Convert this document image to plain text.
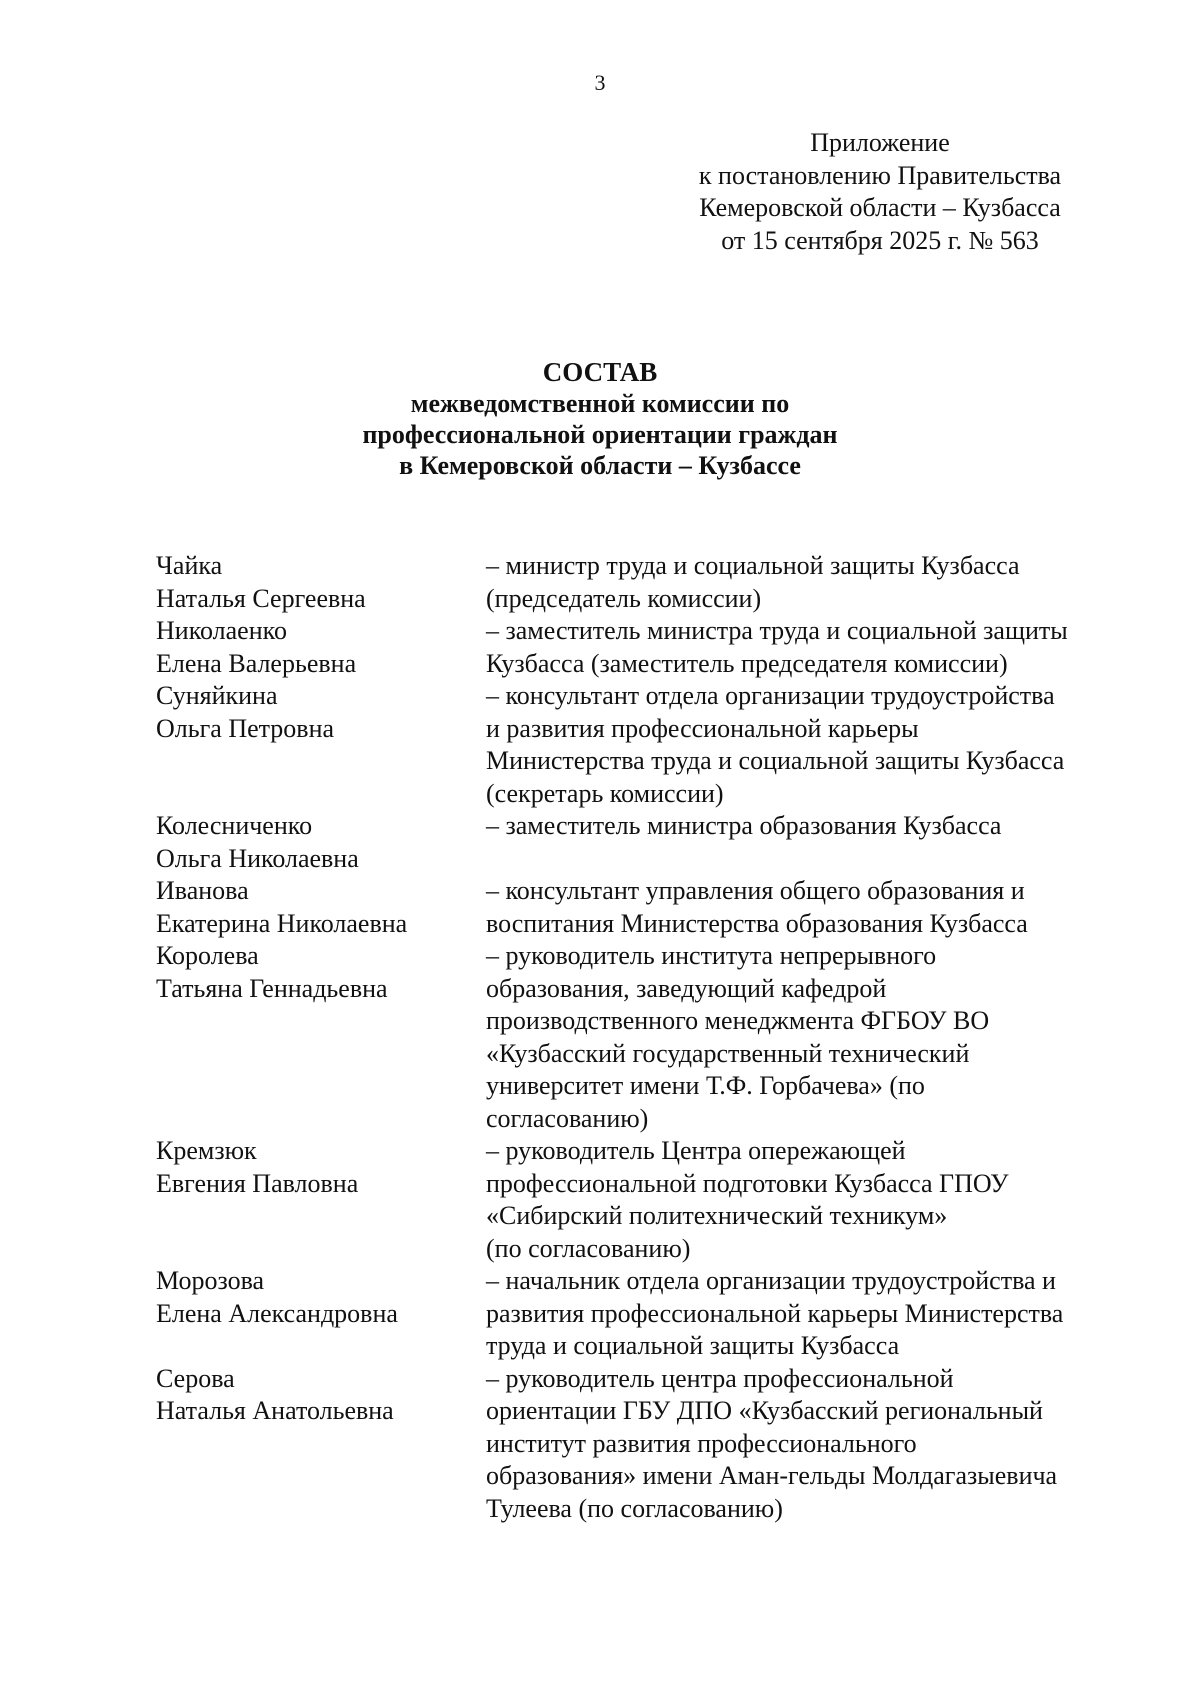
3
Приложение
к постановлению Правительства
Кемеровской области – Кузбасса
от 15 сентября 2025 г. № 563
СОСТАВ
межведомственной комиссии по
профессиональной ориентации граждан
в Кемеровской области – Кузбассе
Чайка
Наталья Сергеевна
– министр труда и социальной защиты Кузбасса
(председатель комиссии)
Николаенко
Елена Валерьевна
– заместитель министра труда и социальной защиты
Кузбасса (заместитель председателя комиссии)
Суняйкина
Ольга Петровна
– консультант отдела организации трудоустройства
и развития профессиональной карьеры
Министерства труда и социальной защиты Кузбасса
(секретарь комиссии)
Колесниченко
Ольга Николаевна
– заместитель министра образования Кузбасса
Иванова
Екатерина Николаевна
– консультант управления общего образования и
воспитания Министерства образования Кузбасса
Королева
Татьяна Геннадьевна
– руководитель института непрерывного
образования, заведующий кафедрой
производственного менеджмента ФГБОУ ВО
«Кузбасский государственный технический
университет имени Т.Ф. Горбачева» (по
согласованию)
Кремзюк
Евгения Павловна
– руководитель Центра опережающей
профессиональной подготовки Кузбасса ГПОУ
«Сибирский политехнический техникум»
(по согласованию)
Морозова
Елена Александровна
– начальник отдела организации трудоустройства и
развития профессиональной карьеры Министерства
труда и социальной защиты Кузбасса
Серова
Наталья Анатольевна
– руководитель центра профессиональной
ориентации ГБУ ДПО «Кузбасский региональный
институт развития профессионального
образования» имени Аман-гельды Молдагазыевича
Тулеева (по согласованию)
